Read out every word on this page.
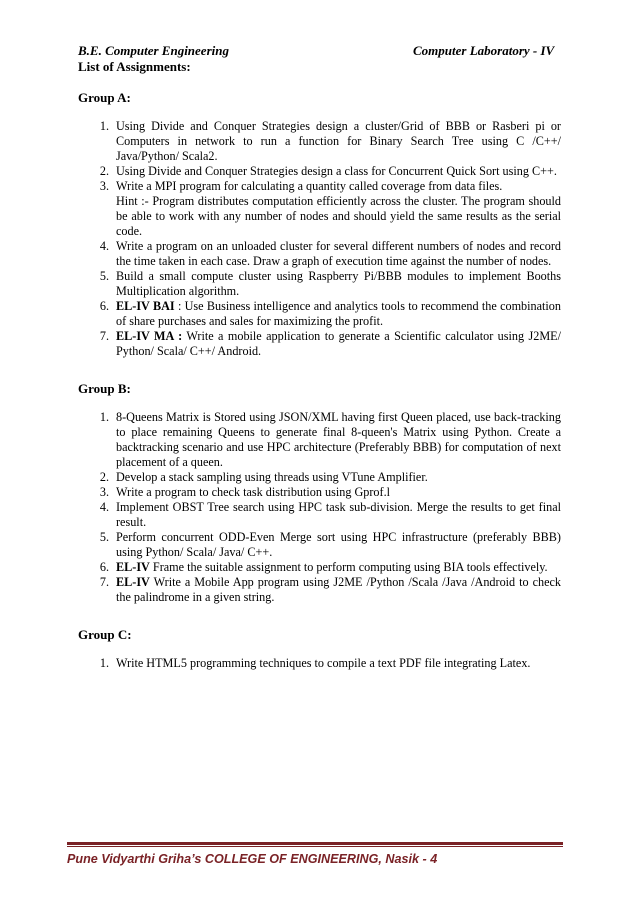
B.E. Computer Engineering	Computer Laboratory - IV
List of Assignments:
Group A:
1. Using Divide and Conquer Strategies design a cluster/Grid of BBB or Rasberi pi or Computers in network to run a function for Binary Search Tree using C /C++/ Java/Python/ Scala2.
2. Using Divide and Conquer Strategies design a class for Concurrent Quick Sort using C++.
3. Write a MPI program for calculating a quantity called coverage from data files.
Hint :- Program distributes computation efficiently across the cluster. The program should be able to work with any number of nodes and should yield the same results as the serial code.
4. Write a program on an unloaded cluster for several different numbers of nodes and record the time taken in each case. Draw a graph of execution time against the number of nodes.
5. Build a small compute cluster using Raspberry Pi/BBB modules to implement Booths Multiplication algorithm.
6. EL-IV BAI : Use Business intelligence and analytics tools to recommend the combination of share purchases and sales for maximizing the profit.
7. EL-IV MA : Write a mobile application to generate a Scientific calculator using J2ME/ Python/ Scala/ C++/ Android.
Group B:
1. 8-Queens Matrix is Stored using JSON/XML having first Queen placed, use back-tracking to place remaining Queens to generate final 8-queen's Matrix using Python. Create a backtracking scenario and use HPC architecture (Preferably BBB) for computation of next placement of a queen.
2. Develop a stack sampling using threads using VTune Amplifier.
3. Write a program to check task distribution using Gprof.l
4. Implement OBST Tree search using HPC task sub-division. Merge the results to get final result.
5. Perform concurrent ODD-Even Merge sort using HPC infrastructure (preferably BBB) using Python/ Scala/ Java/ C++.
6. EL-IV Frame the suitable assignment to perform computing using BIA tools effectively.
7. EL-IV Write a Mobile App program using J2ME /Python /Scala /Java /Android to check the palindrome in a given string.
Group C:
1. Write HTML5 programming techniques to compile a text PDF file integrating Latex.
Pune Vidyarthi Griha’s COLLEGE OF ENGINEERING, Nasik - 4
